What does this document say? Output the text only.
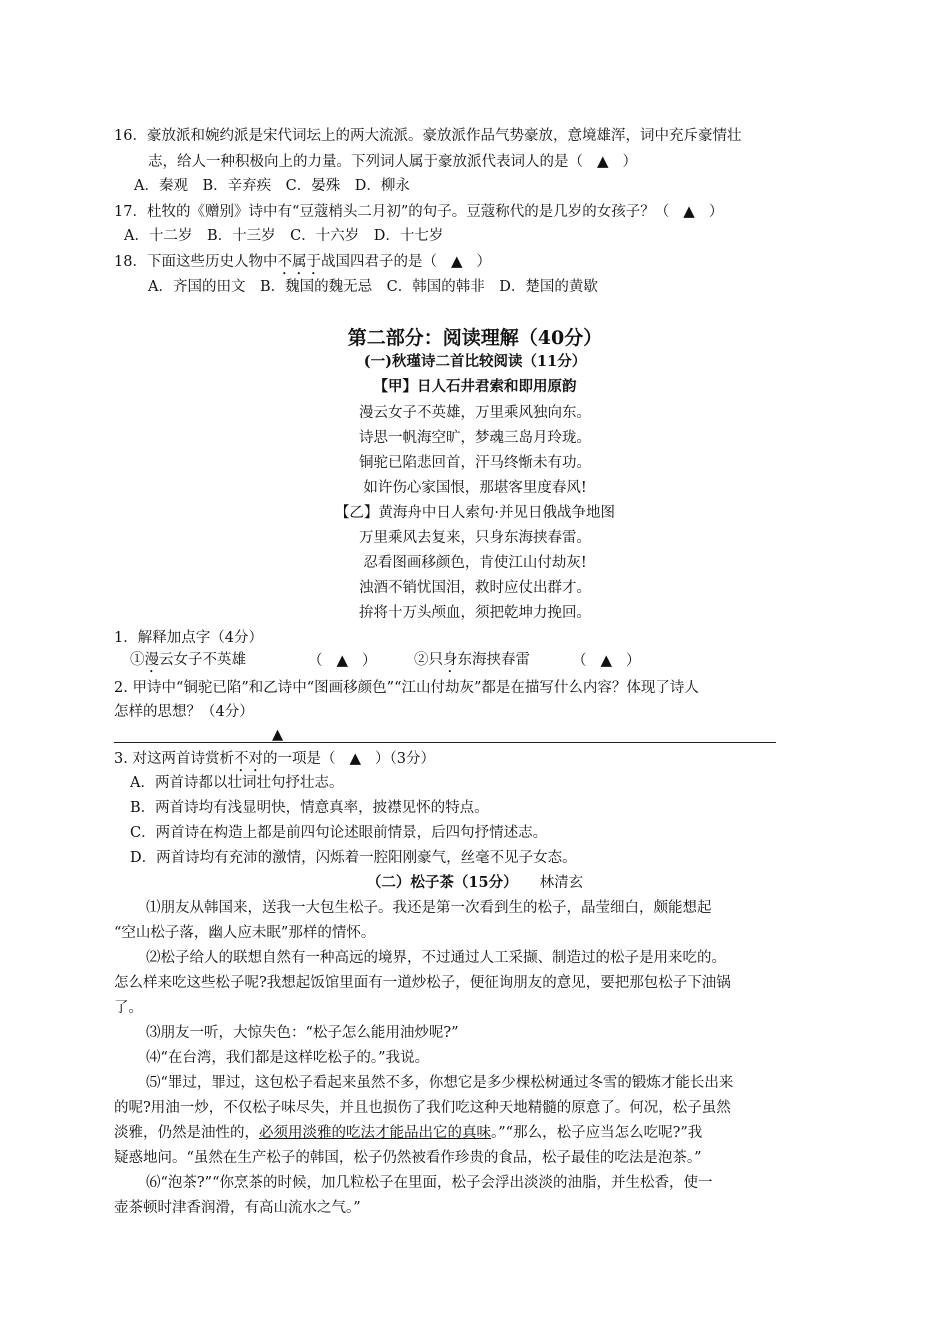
16．豪放派和婉约派是宋代词坛上的两大流派。豪放派作品气势豪放，意境雄浑，词中充斥豪情壮
志，给人一种积极向上的力量。下列词人属于豪放派代表词人的是（ ▲ ）
A．秦观　B．辛弃疾　C．晏殊　D．柳永
17．杜牧的《赠别》诗中有“豆蔻梢头二月初”的句子。豆蔻称代的是几岁的女孩子？（ ▲ ）
A．十二岁　B．十三岁　C．十六岁　D．十七岁
18．下面这些历史人物中不属于战国四君子的是（ ▲ ）
A．齐国的田文　B．魏国的魏无忌　C．韩国的韩非　D．楚国的黄歇
第二部分：阅读理解（40分）
(一)秋瑾诗二首比较阅读（11分）
【甲】日人石井君索和即用原韵
漫云女子不英雄，万里乘风独向东。
诗思一帆海空旷，梦魂三岛月玲珑。
铜驼已陷悲回首，汗马终惭未有功。
如许伤心家国恨，那堪客里度春风!
【乙】黄海舟中日人索句·并见日俄战争地图
万里乘风去复来，只身东海挟春雷。
忍看图画移颜色，肯使江山付劫灰!
浊酒不销忧国泪，救时应仗出群才。
拚将十万头颅血，须把乾坤力挽回。
1．解释加点字（4分）
①漫云女子不英雄	（ ▲ ）	②只身东海挟春雷	（ ▲ ）
2. 甲诗中“铜驼已陷”和乙诗中“图画移颜色”“江山付劫灰”都是在描写什么内容？体现了诗人
怎样的思想？（4分）
▲
3. 对这两首诗赏析不对的一项是（ ▲ ）（3分）
A．两首诗都以壮词壮句抒壮志。
B．两首诗均有浅显明快，情意真率，披襟见怀的特点。
C．两首诗在构造上都是前四句论述眼前情景，后四句抒情述志。
D．两首诗均有充沛的激情，闪烁着一腔阳刚豪气，丝毫不见子女态。
（二）松子茶（15分） 林清玄
⑴朋友从韩国来，送我一大包生松子。我还是第一次看到生的松子，晶莹细白，颇能想起
“空山松子落，幽人应未眠”那样的情怀。
⑵松子给人的联想自然有一种高远的境界，不过通过人工采撷、制造过的松子是用来吃的。
怎么样来吃这些松子呢?我想起饭馆里面有一道炒松子，便征询朋友的意见，要把那包松子下油锅
了。
⑶朋友一听，大惊失色：“松子怎么能用油炒呢?”
⑷“在台湾，我们都是这样吃松子的。”我说。
⑸“罪过，罪过，这包松子看起来虽然不多，你想它是多少棵松树通过冬雪的锻炼才能长出来
的呢?用油一炒，不仅松子味尽失，并且也损伤了我们吃这种天地精髓的原意了。何况，松子虽然
淡雅，仍然是油性的，必须用淡雅的吃法才能品出它的真味。”“那么，松子应当怎么吃呢?”我
疑惑地问。“虽然在生产松子的韩国，松子仍然被看作珍贵的食品，松子最佳的吃法是泡茶。”
⑹“泡茶?”“你烹茶的时候，加几粒松子在里面，松子会浮出淡淡的油脂，并生松香，使一
壶茶顿时津香润滑，有高山流水之气。”
